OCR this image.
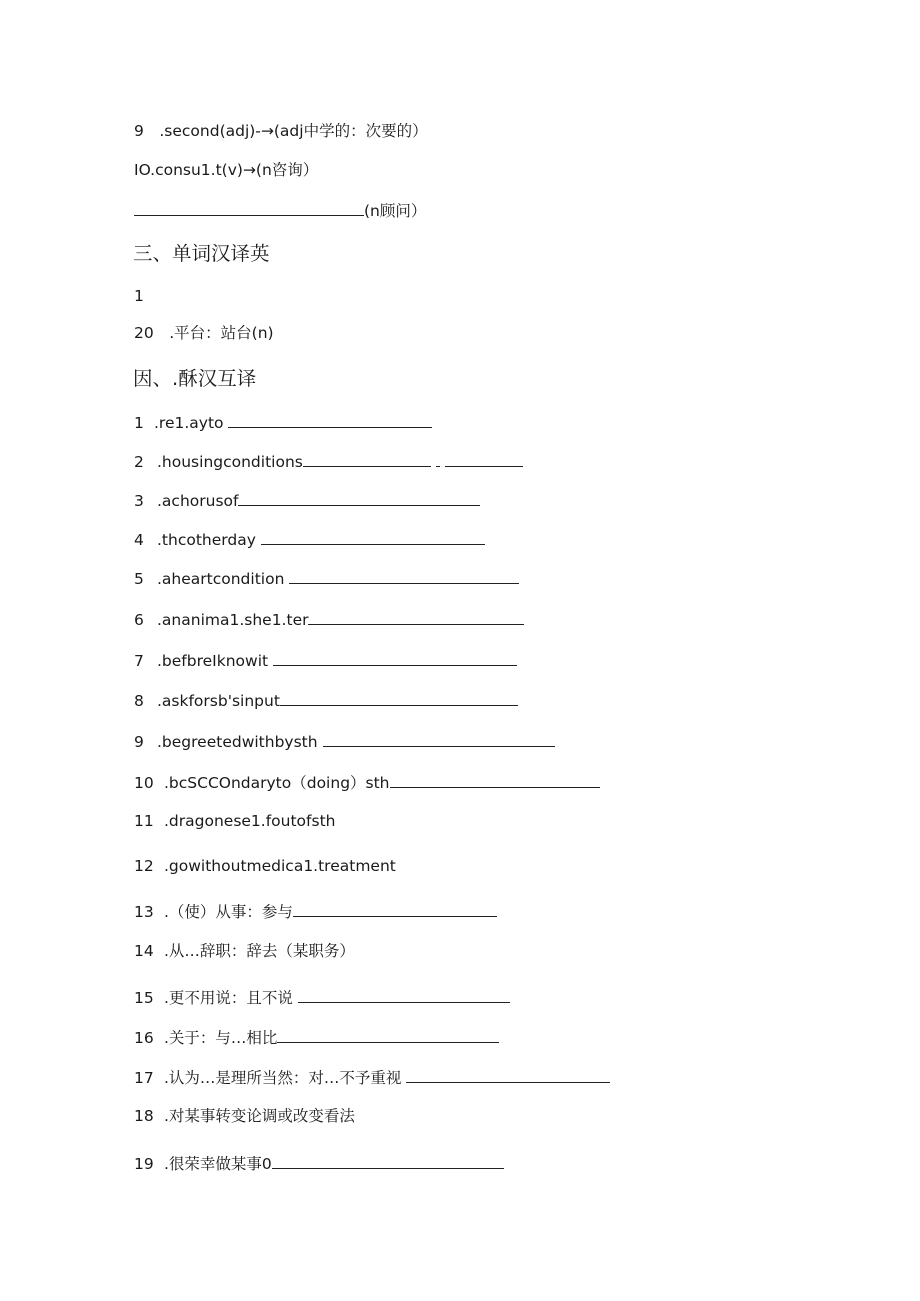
9　.second(adj)-→(adj中学的：次要的）
IO.consu1.t(v)→(n咨询）
(n顾问）
三、单词汉译英
1
20　.平台：站台(n)
因、.酥汉互译
1 .re1.ayto
2 .housingconditions
3 .achorusof
4 .thcotherday
5 .aheartcondition
6 .ananima1.she1.ter
7 .befbreIknowit
8 .askforsb'sinput
9 .begreetedwithbysth
10 .bcSCCOndaryto（doing）sth
11 .dragonese1.foutofsth
12 .gowithoutmedica1.treatment
13 .（使）从事：参与
14 .从…辞职：辞去（某职务）
15 .更不用说：且不说
16 .关于：与…相比
17 .认为…是理所当然：对…不予重视
18 .对某事转变论调或改变看法
19 .很荣幸做某事0
